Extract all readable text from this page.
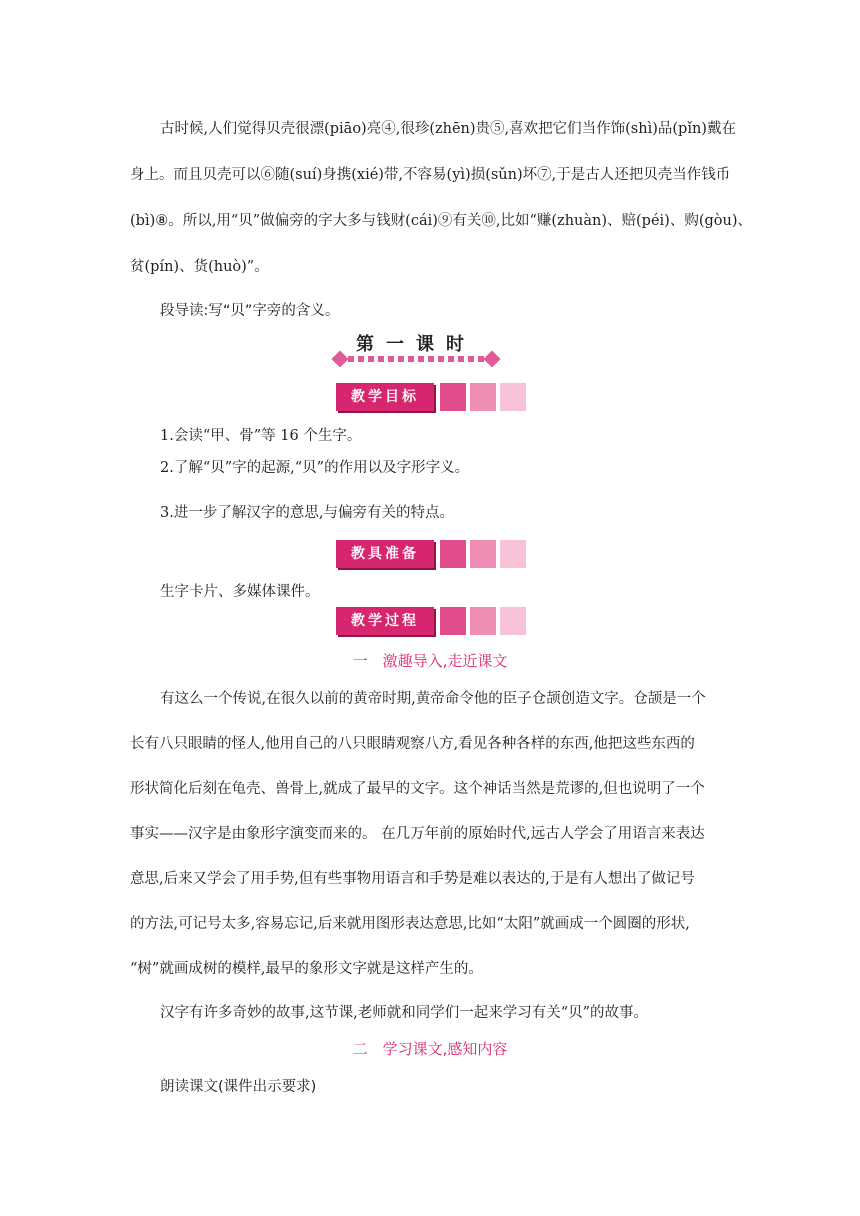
古时候,人们觉得贝壳很漂(piāo)亮④,很珍(zhēn)贵⑤,喜欢把它们当作饰(shì)品(pǐn)戴在
身上。而且贝壳可以⑥随(suí)身携(xié)带,不容易(yì)损(sǔn)坏⑦,于是古人还把贝壳当作钱币
(bì)⑧。所以,用“贝”做偏旁的字大多与钱财(cái)⑨有关⑩,比如“赚(zhuàn)、赔(péi)、购(gòu)、
贫(pín)、货(huò)”。
段导读:写“贝”字旁的含义。
第一课时
教学目标
1.会读“甲、骨”等 16 个生字。
2.了解“贝”字的起源,“贝”的作用以及字形字义。
3.进一步了解汉字的意思,与偏旁有关的特点。
教具准备
生字卡片、多媒体课件。
教学过程
一　激趣导入,走近课文
有这么一个传说,在很久以前的黄帝时期,黄帝命令他的臣子仓颉创造文字。仓颉是一个
长有八只眼睛的怪人,他用自己的八只眼睛观察八方,看见各种各样的东西,他把这些东西的
形状简化后刻在龟壳、兽骨上,就成了最早的文字。这个神话当然是荒谬的,但也说明了一个
事实——汉字是由象形字演变而来的。 在几万年前的原始时代,远古人学会了用语言来表达
意思,后来又学会了用手势,但有些事物用语言和手势是难以表达的,于是有人想出了做记号
的方法,可记号太多,容易忘记,后来就用图形表达意思,比如“太阳”就画成一个圆圈的形状,
“树”就画成树的模样,最早的象形文字就是这样产生的。
汉字有许多奇妙的故事,这节课,老师就和同学们一起来学习有关“贝”的故事。
二　学习课文,感知内容
朗读课文(课件出示要求)
